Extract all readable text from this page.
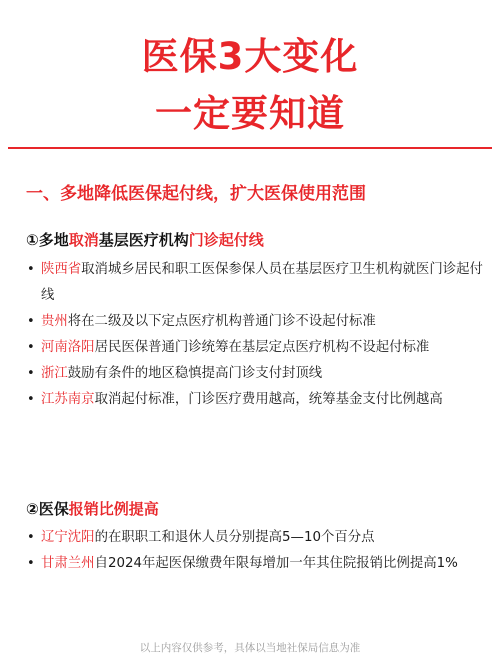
医保3大变化
一定要知道
一、多地降低医保起付线，扩大医保使用范围
①多地取消基层医疗机构门诊起付线
• 陕西省取消城乡居民和职工医保参保人员在基层医疗卫生机构就医门诊起付线
• 贵州将在二级及以下定点医疗机构普通门诊不设起付标准
• 河南洛阳居民医保普通门诊统筹在基层定点医疗机构不设起付标准
• 浙江鼓励有条件的地区稳慎提高门诊支付封顶线
• 江苏南京取消起付标准，门诊医疗费用越高，统筹基金支付比例越高
②医保报销比例提高
• 辽宁沈阳的在职职工和退休人员分别提高5—10个百分点
• 甘肃兰州自2024年起医保缴费年限每增加一年其住院报销比例提高1%
以上内容仅供参考，具体以当地社保局信息为准
